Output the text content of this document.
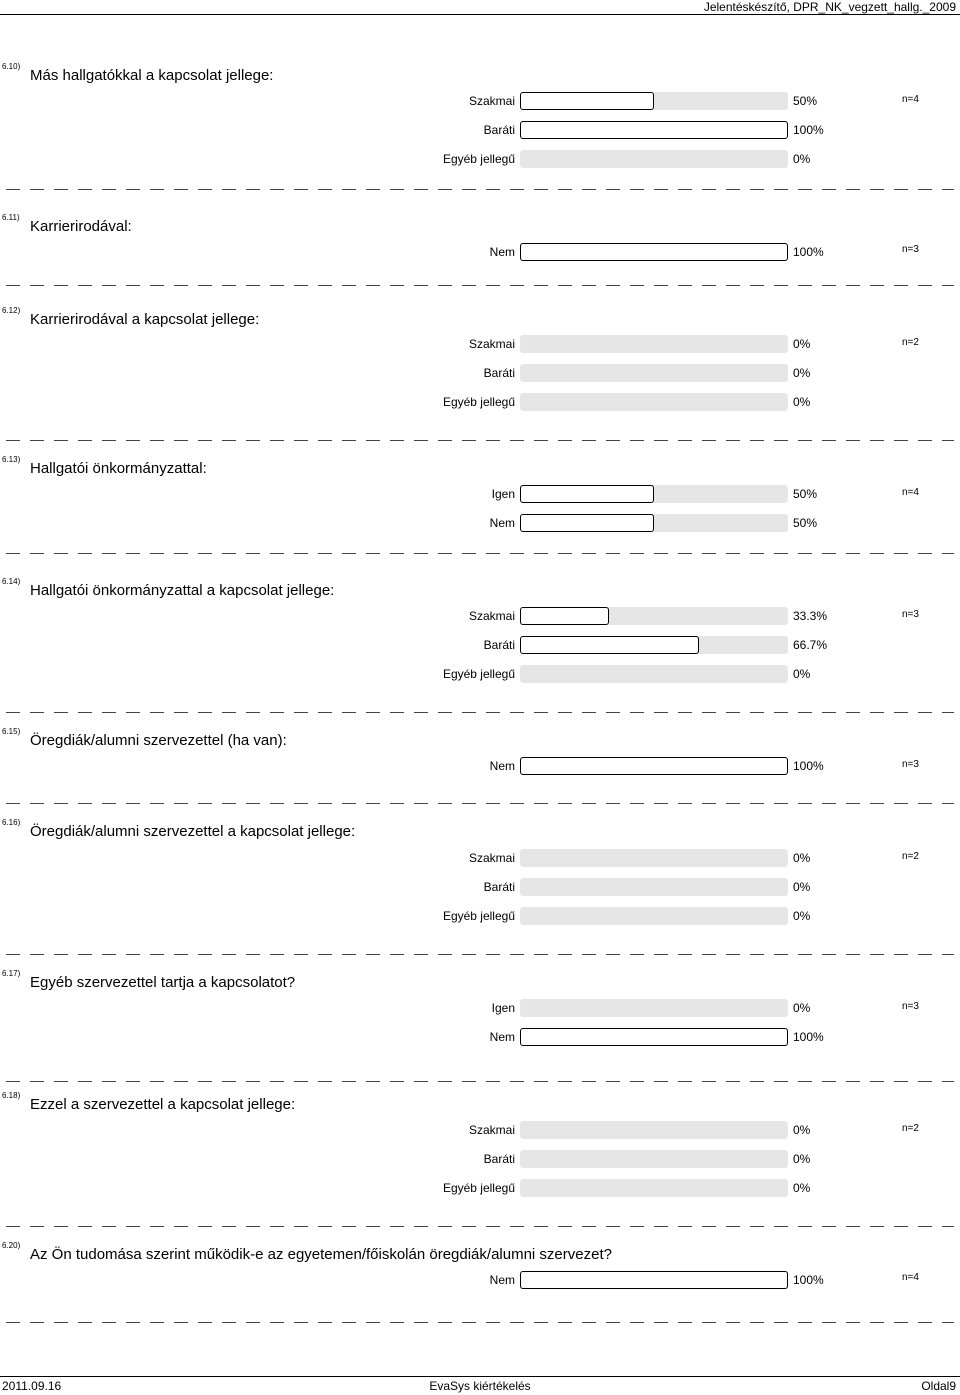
Jelentéskészítő, DPR_NK_vegzett_hallg._2009
6.10)
Más hallgatókkal a kapcsolat jellege:
n=4
Szakmai	50%
Baráti	100%
Egyéb jellegű	0%
6.11)
Karrierirodával:
n=3
Nem	100%
6.12)
Karrierirodával a kapcsolat jellege:
n=2
Szakmai	0%
Baráti	0%
Egyéb jellegű	0%
6.13)
Hallgatói önkormányzattal:
n=4
Igen	50%
Nem	50%
6.14)
Hallgatói önkormányzattal a kapcsolat jellege:
n=3
Szakmai	33.3%
Baráti	66.7%
Egyéb jellegű	0%
6.15)
Öregdiák/alumni szervezettel (ha van):
n=3
Nem	100%
6.16)
Öregdiák/alumni szervezettel a kapcsolat jellege:
n=2
Szakmai	0%
Baráti	0%
Egyéb jellegű	0%
6.17)
Egyéb szervezettel tartja a kapcsolatot?
n=3
Igen	0%
Nem	100%
6.18)
Ezzel a szervezettel a kapcsolat jellege:
n=2
Szakmai	0%
Baráti	0%
Egyéb jellegű	0%
6.20)
Az Ön tudomása szerint működik-e az egyetemen/főiskolán öregdiák/alumni szervezet?
n=4
Nem	100%
2011.09.16	EvaSys kiértékelés	Oldal9
